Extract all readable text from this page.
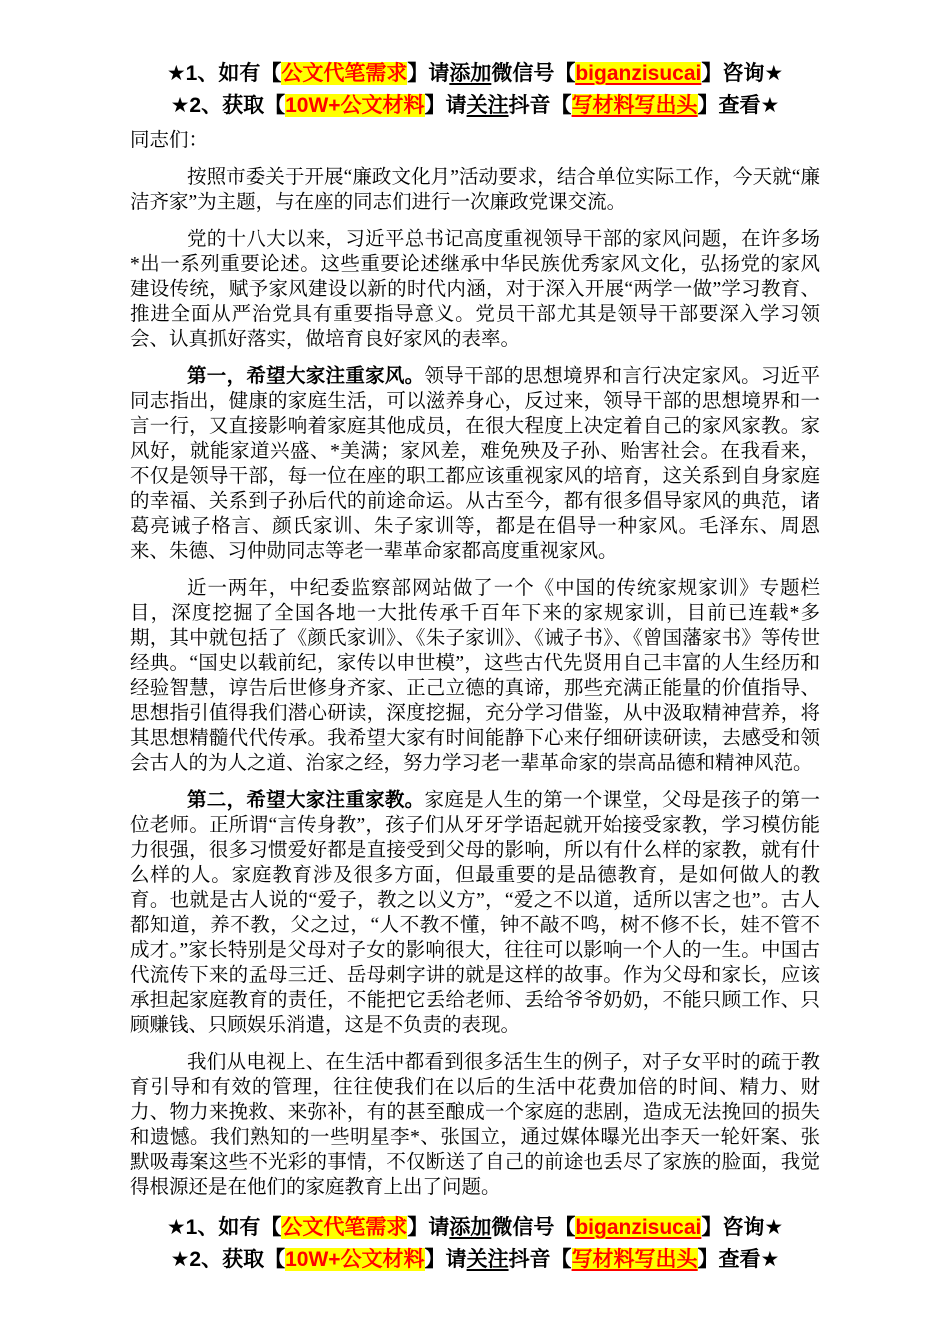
★1、如有【公文代笔需求】请添加微信号【biganzisucai】咨询★
★2、获取【10W+公文材料】请关注抖音【写材料写出头】查看★

同志们：

按照市委关于开展“廉政文化月”活动要求，结合单位实际工作，今天就“廉洁齐家”为主题，与在座的同志们进行一次廉政党课交流。

党的十八大以来，习近平总书记高度重视领导干部的家风问题，在许多场*出一系列重要论述。这些重要论述继承中华民族优秀家风文化，弘扬党的家风建设传统，赋予家风建设以新的时代内涵，对于深入开展“两学一做”学习教育、推进全面从严治党具有重要指导意义。党员干部尤其是领导干部要深入学习领会、认真抓好落实，做培育良好家风的表率。

第一，希望大家注重家风。领导干部的思想境界和言行决定家风。习近平同志指出，健康的家庭生活，可以滋养身心，反过来，领导干部的思想境界和一言一行，又直接影响着家庭其他成员，在很大程度上决定着自己的家风家教。家风好，就能家道兴盛、*美满；家风差，难免殃及子孙、贻害社会。在我看来，不仅是领导干部，每一位在座的职工都应该重视家风的培育，这关系到自身家庭的幸福、关系到子孙后代的前途命运。从古至今，都有很多倡导家风的典范，诸葛亮诫子格言、颜氏家训、朱子家训等，都是在倡导一种家风。毛泽东、周恩来、朱德、习仲勋同志等老一辈革命家都高度重视家风。

近一两年，中纪委监察部网站做了一个《中国的传统家规家训》专题栏目，深度挖掘了全国各地一大批传承千百年下来的家规家训，目前已连载*多期，其中就包括了《颜氏家训》、《朱子家训》、《诫子书》、《曾国藩家书》等传世经典。“国史以载前纪，家传以申世模”，这些古代先贤用自己丰富的人生经历和经验智慧，谆告后世修身齐家、正己立德的真谛，那些充满正能量的价值指导、思想指引值得我们潜心研读，深度挖掘，充分学习借鉴，从中汲取精神营养，将其思想精髓代代传承。我希望大家有时间能静下心来仔细研读研读，去感受和领会古人的为人之道、治家之经，努力学习老一辈革命家的崇高品德和精神风范。

第二，希望大家注重家教。家庭是人生的第一个课堂，父母是孩子的第一位老师。正所谓“言传身教”，孩子们从牙牙学语起就开始接受家教，学习模仿能力很强，很多习惯爱好都是直接受到父母的影响，所以有什么样的家教，就有什么样的人。家庭教育涉及很多方面，但最重要的是品德教育，是如何做人的教育。也就是古人说的“爱子，教之以义方”，“爱之不以道，适所以害之也”。古人都知道，养不教，父之过，“人不教不懂，钟不敲不鸣，树不修不长，娃不管不成才。”家长特别是父母对子女的影响很大，往往可以影响一个人的一生。中国古代流传下来的孟母三迁、岳母刺字讲的就是这样的故事。作为父母和家长，应该承担起家庭教育的责任，不能把它丢给老师、丢给爷爷奶奶，不能只顾工作、只顾赚钱、只顾娱乐消遣，这是不负责的表现。

我们从电视上、在生活中都看到很多活生生的例子，对子女平时的疏于教育引导和有效的管理，往往使我们在以后的生活中花费加倍的时间、精力、财力、物力来挽救、来弥补，有的甚至酿成一个家庭的悲剧，造成无法挽回的损失和遗憾。我们熟知的一些明星李*、张国立，通过媒体曝光出李天一轮奸案、张默吸毒案这些不光彩的事情，不仅断送了自己的前途也丢尽了家族的脸面，我觉得根源还是在他们的家庭教育上出了问题。

★1、如有【公文代笔需求】请添加微信号【biganzisucai】咨询★
★2、获取【10W+公文材料】请关注抖音【写材料写出头】查看★
